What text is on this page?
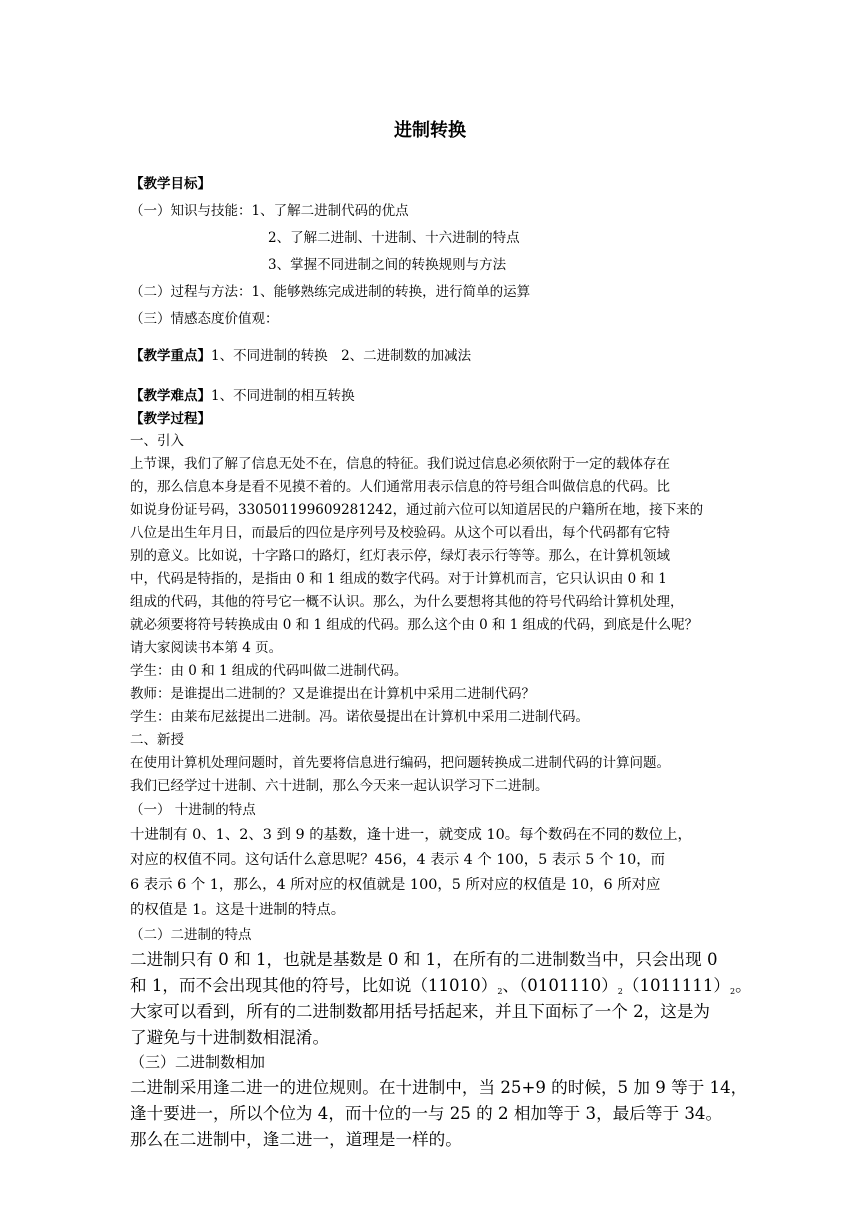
进制转换

【教学目标】

（一）知识与技能：1、了解二进制代码的优点

2、了解二进制、十进制、十六进制的特点

3、掌握不同进制之间的转换规则与方法

（二）过程与方法：1、能够熟练完成进制的转换，进行简单的运算

（三）情感态度价值观：

【教学重点】1、不同进制的转换　2、二进制数的加减法

【教学难点】1、不同进制的相互转换

【教学过程】

一、引入

上节课，我们了解了信息无处不在，信息的特征。我们说过信息必须依附于一定的载体存在

的，那么信息本身是看不见摸不着的。人们通常用表示信息的符号组合叫做信息的代码。比

如说身份证号码，330501199609281242，通过前六位可以知道居民的户籍所在地，接下来的

八位是出生年月日，而最后的四位是序列号及校验码。从这个可以看出，每个代码都有它特

别的意义。比如说，十字路口的路灯，红灯表示停，绿灯表示行等等。那么，在计算机领域

中，代码是特指的，是指由 0 和 1 组成的数字代码。对于计算机而言，它只认识由 0 和 1

组成的代码，其他的符号它一概不认识。那么，为什么要想将其他的符号代码给计算机处理，

就必须要将符号转换成由 0 和 1 组成的代码。那么这个由 0 和 1 组成的代码，到底是什么呢？

请大家阅读书本第 4 页。

学生：由 0 和 1 组成的代码叫做二进制代码。

教师：是谁提出二进制的？又是谁提出在计算机中采用二进制代码？

学生：由莱布尼兹提出二进制。冯。诺依曼提出在计算机中采用二进制代码。

二、新授

在使用计算机处理问题时，首先要将信息进行编码，把问题转换成二进制代码的计算问题。

我们已经学过十进制、六十进制，那么今天来一起认识学习下二进制。

（一） 十进制的特点

十进制有 0、1、2、3 到 9 的基数，逢十进一，就变成 10。每个数码在不同的数位上，

对应的权值不同。这句话什么意思呢？456，4 表示 4 个 100，5 表示 5 个 10，而

6 表示 6 个 1，那么，4 所对应的权值就是 100，5 所对应的权值是 10，6 所对应

的权值是 1。这是十进制的特点。

（二）二进制的特点

二进制只有 0 和 1，也就是基数是 0 和 1，在所有的二进制数当中，只会出现 0

和 1，而不会出现其他的符号，比如说$(11010)_2$、$(0101110)_2(1011111)_2$。

大家可以看到，所有的二进制数都用括号括起来，并且下面标了一个 2，这是为

了避免与十进制数相混淆。

（三）二进制数相加

二进制采用逢二进一的进位规则。在十进制中，当 25+9 的时候，5 加 9 等于 14，

逢十要进一，所以个位为 4，而十位的一与 25 的 2 相加等于 3，最后等于 34。

那么在二进制中，逢二进一，道理是一样的。
